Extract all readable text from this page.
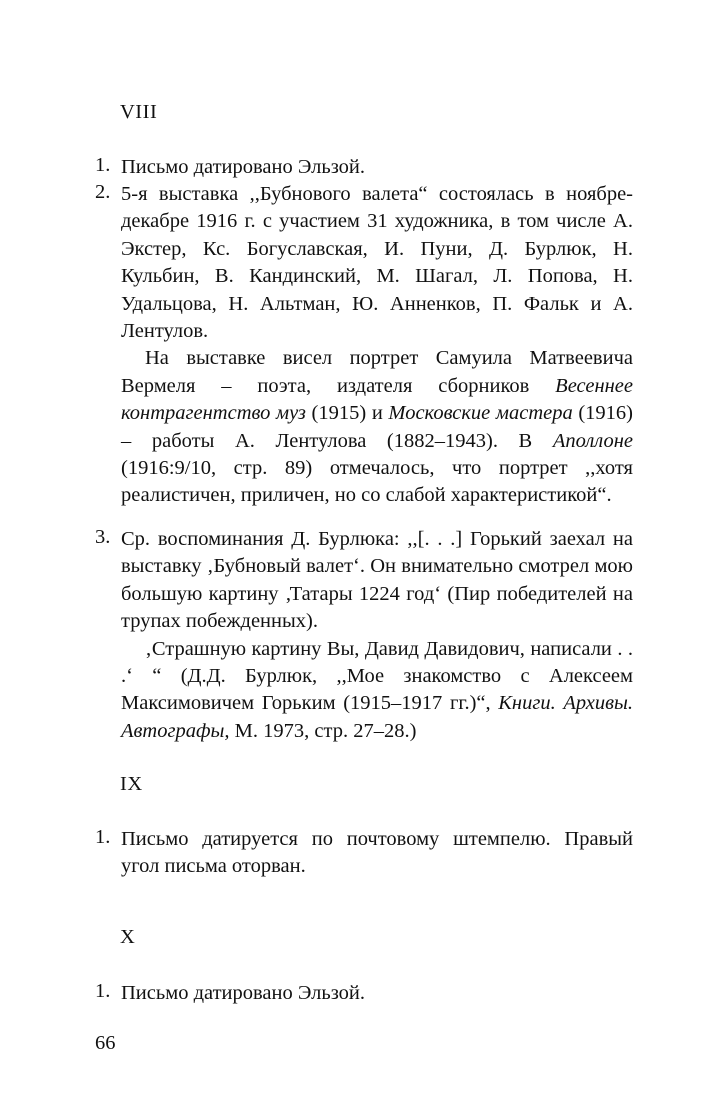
VIII
1. Письмо датировано Эльзой.

2. 5-я выставка ,,Бубнового валета“ состоялась в ноябре-декабре 1916 г. с участием 31 художника, в том числе А. Экстер, Кс. Богуславская, И. Пуни, Д. Бурлюк, Н. Кульбин, В. Кандинский, М. Шагал, Л. Попова, Н. Удальцова, Н. Альтман, Ю. Анненков, П. Фальк и А. Лентулов.

На выставке висел портрет Самуила Матвеевича Вермеля – поэта, издателя сборников Весеннее контрагентство муз (1915) и Московские мастера (1916) – работы А. Лентулова (1882–1943). В Аполлоне (1916:9/10, стр. 89) отмечалось, что портрет ,,хотя реалистичен, приличен, но со слабой характеристикой“.

3. Ср. воспоминания Д. Бурлюка: ,,[. . .] Горький заехал на выставку ‚Бубновый валет‘. Он внимательно смотрел мою большую картину ‚Татары 1224 год‘ (Пир победителей на трупах побежденных).

‚Страшную картину Вы, Давид Давидович, написали . . .‘ “ (Д.Д. Бурлюк, ,,Мое знакомство с Алексеем Максимовичем Горьким (1915–1917 гг.)“, Книги. Архивы. Автографы, М. 1973, стр. 27–28.)

IX
1. Письмо датируется по почтовому штемпелю. Правый угол письма оторван.

X
1. Письмо датировано Эльзой.

66
